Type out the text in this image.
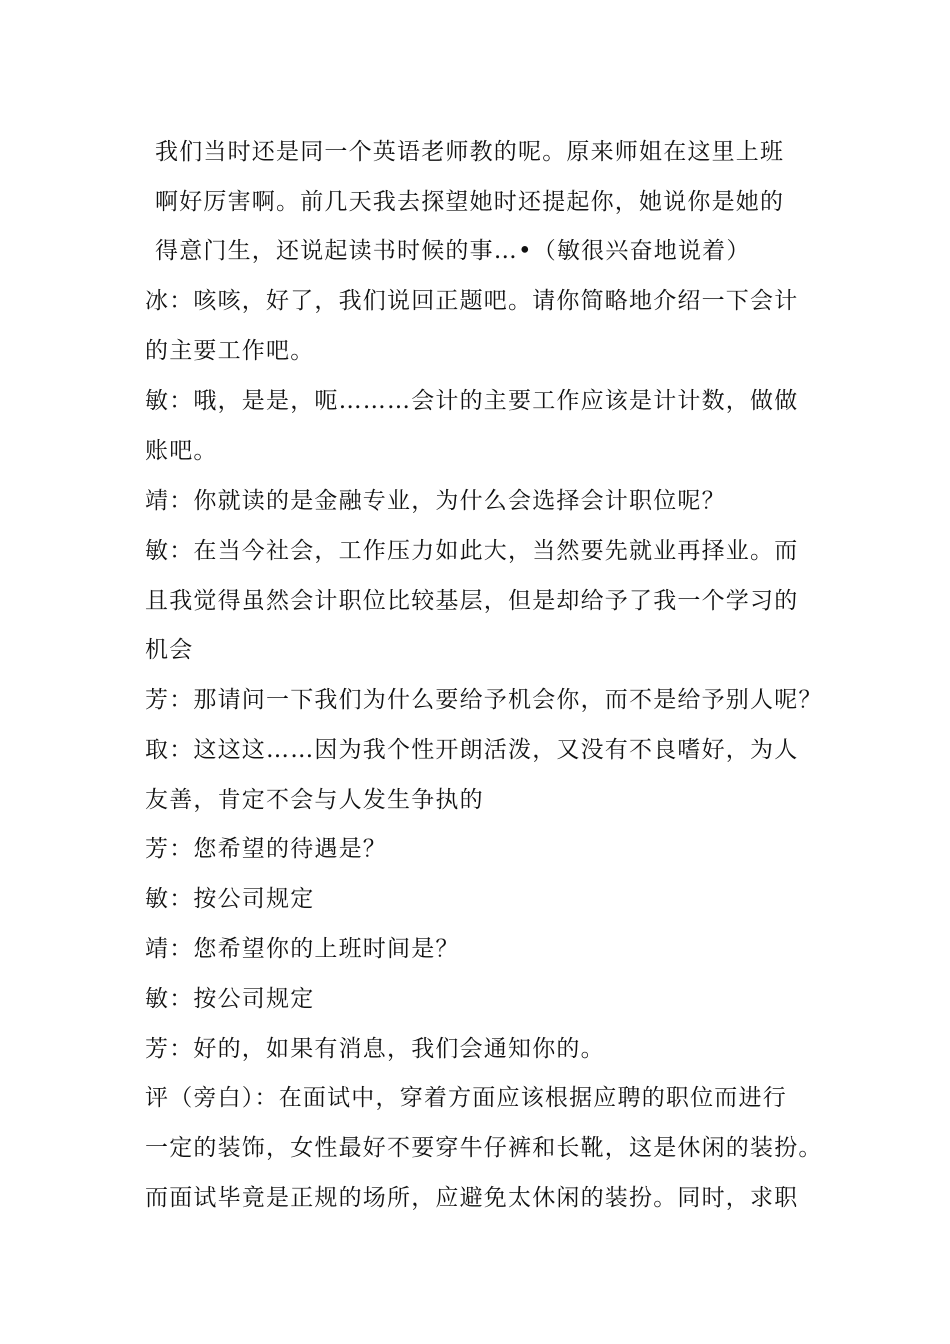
我们当时还是同一个英语老师教的呢。原来师姐在这里上班
啊好厉害啊。前几天我去探望她时还提起你，她说你是她的
得意门生，还说起读书时候的事…•（敏很兴奋地说着）
冰：咳咳，好了，我们说回正题吧。请你简略地介绍一下会计
的主要工作吧。
敏：哦，是是，呃………会计的主要工作应该是计计数，做做
账吧。
靖：你就读的是金融专业，为什么会选择会计职位呢？
敏：在当今社会，工作压力如此大，当然要先就业再择业。而
且我觉得虽然会计职位比较基层，但是却给予了我一个学习的
机会
芳：那请问一下我们为什么要给予机会你，而不是给予别人呢？
取：这这这……因为我个性开朗活泼，又没有不良嗜好，为人
友善，肯定不会与人发生争执的
芳：您希望的待遇是？
敏：按公司规定
靖：您希望你的上班时间是？
敏：按公司规定
芳：好的，如果有消息，我们会通知你的。
评（旁白）：在面试中，穿着方面应该根据应聘的职位而进行
一定的装饰，女性最好不要穿牛仔裤和长靴，这是休闲的装扮。
而面试毕竟是正规的场所，应避免太休闲的装扮。同时，求职
